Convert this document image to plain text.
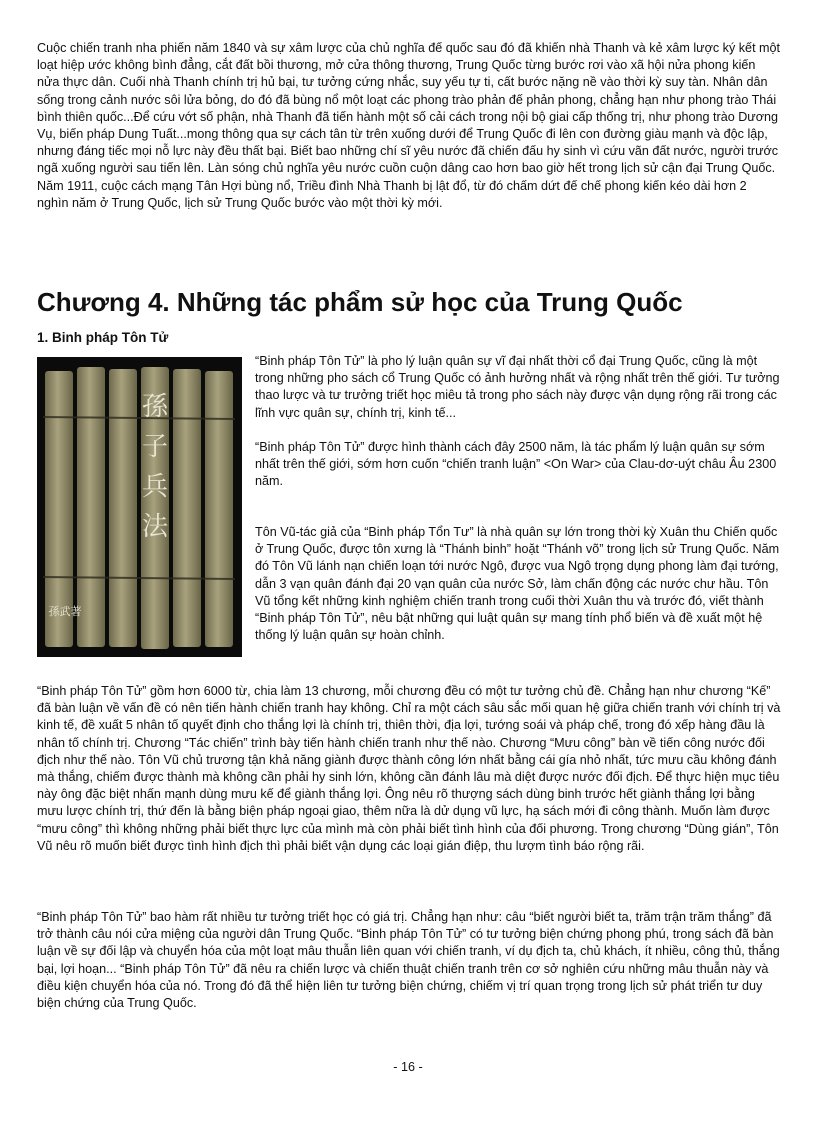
Cuộc chiến tranh nha phiến năm 1840 và sự xâm lược của chủ nghĩa đế quốc sau đó đã khiến nhà Thanh và kẻ xâm lược ký kết một loạt hiệp ước không bình đẳng, cắt đất bồi thương, mở cửa thông thương, Trung Quốc từng bước rơi vào xã hội nửa phong kiến nửa thực dân. Cuối nhà Thanh chính trị hủ bại, tư tưởng cứng nhắc, suy yếu tự ti, cất bước nặng nề vào thời kỳ suy tàn. Nhân dân sống trong cảnh nước sôi lửa bỏng, do đó đã bùng nổ một loạt các phong trào phản đế phản phong, chẳng hạn như phong trào Thái bình thiên quốc...Để cứu vớt số phận, nhà Thanh đã tiến hành một số cải cách trong nội bộ giai cấp thống trị, như phong trào Dương Vụ, biến pháp Dung Tuất...mong thông qua sự cách tân từ trên xuống dưới để Trung Quốc đi lên con đường giàu mạnh và độc lập, nhưng đáng tiếc mọi nỗ lực này đều thất bại. Biết bao những chí sĩ yêu nước đã chiến đấu hy sinh vì cứu vãn đất nước, người trước ngã xuống người sau tiến lên. Làn sóng chủ nghĩa yêu nước cuồn cuộn dâng cao hơn bao giờ hết trong lịch sử cận đại Trung Quốc. Năm 1911, cuộc cách mạng Tân Hợi bùng nổ, Triều đình Nhà Thanh bị lật đổ, từ đó chấm dứt đế chế phong kiến kéo dài hơn 2 nghìn năm ở Trung Quốc, lịch sử Trung Quốc bước vào một thời kỳ mới.

Chương 4. Những tác phẩm sử học của Trung Quốc
1. Binh pháp Tôn Tử
孫
子
兵
法
孫武著

“Binh pháp Tôn Tử” là pho lý luận quân sự vĩ đại nhất thời cổ đại Trung Quốc, cũng là một trong những pho sách cổ Trung Quốc có ảnh hưởng nhất và rộng nhất trên thế giới. Tư tưởng thao lược và tư trưởng triết học miêu tả trong pho sách này được vận dụng rộng rãi trong các lĩnh vực quân sự, chính trị, kinh tế...

“Binh pháp Tôn Tử” được hình thành cách đây 2500 năm, là tác phẩm lý luận quân sự sớm nhất trên thế giới, sớm hơn cuốn “chiến tranh luận” <On War> của Clau-dơ-uýt châu Âu 2300 năm.

Tôn Vũ-tác giả của “Binh pháp Tổn Tư” là nhà quân sự lớn trong thời kỳ Xuân thu Chiến quốc ở Trung Quốc, được tôn xưng là “Thánh binh” hoặt “Thánh võ” trong lịch sử Trung Quốc. Năm đó Tôn Vũ lánh nạn chiến loạn tới nước Ngô, được vua Ngô trọng dụng phong làm đại tướng, dẫn 3 vạn quân đánh đại 20 vạn quân của nước Sở, làm chấn động các nước chư hầu. Tôn Vũ tổng kết những kinh nghiệm chiến tranh trong cuối thời Xuân thu và trước đó, viết thành “Binh pháp Tôn Tử”, nêu bật những qui luật quân sự mang tính phổ biến và đề xuất một hệ thống lý luận quân sự hoàn chỉnh.

“Binh pháp Tôn Tử” gồm hơn 6000 từ, chia làm 13 chương, mỗi chương đều có một tư tưởng chủ đề. Chẳng hạn như chương “Kế” đã bàn luận về vấn đề có nên tiến hành chiến tranh hay không. Chỉ ra một cách sâu sắc mối quan hệ giữa chiến tranh với chính trị và kinh tế, đề xuất 5 nhân tố quyết định cho thắng lợi là chính trị, thiên thời, địa lợi, tướng soái và pháp chế, trong đó xếp hàng đầu là nhân tố chính trị. Chương “Tác chiến” trình bày tiến hành chiến tranh như thế nào. Chương “Mưu công” bàn về tiến công nước đối địch như thế nào. Tôn Vũ chủ trương tận khả năng giành được thành công lớn nhất bằng cái gía nhỏ nhất, tức mưu cầu không đánh mà thắng, chiếm được thành mà không cần phải hy sinh lớn, không cần đánh lâu mà diệt được nước đối địch. Để thực hiện mục tiêu này ông đặc biệt nhấn mạnh dùng mưu kế để giành thắng lợi. Ông nêu rõ thượng sách dùng binh trước hết giành thắng lợi bằng mưu lược chính trị, thứ đến là bằng biện pháp ngoại giao, thêm nữa là dử dụng vũ lực, hạ sách mới đi công thành. Muốn làm được “mưu công” thì không những phải biết thực lực của mình mà còn phải biết tình hình của đối phương. Trong chương “Dùng gián”, Tôn Vũ nêu rõ muốn biết được tình hình địch thì phải biết vận dụng các loại gián điệp, thu lượm tình báo rộng rãi.

“Binh pháp Tôn Tử” bao hàm rất nhiều tư tưởng triết học có giá trị. Chẳng hạn như: câu “biết người biết ta, trăm trận trăm thắng” đã trở thành câu nói cửa miệng của người dân Trung Quốc. “Binh pháp Tôn Tử” có tư tưởng biện chứng phong phú, trong sách đã bàn luận về sự đối lập và chuyển hóa của một loạt mâu thuẫn liên quan với chiến tranh, ví dụ địch ta, chủ khách, ít nhiều, công thủ, thắng bại, lợi hoạn... “Binh pháp Tôn Tử” đã nêu ra chiến lược và chiến thuật chiến tranh trên cơ sở nghiên cứu những mâu thuẫn này và điều kiện chuyển hóa của nó. Trong đó đã thể hiện liên tư tưởng biện chứng, chiếm vị trí quan trọng trong lịch sử phát triển tư duy biện chứng của Trung Quốc.

- 16 -
